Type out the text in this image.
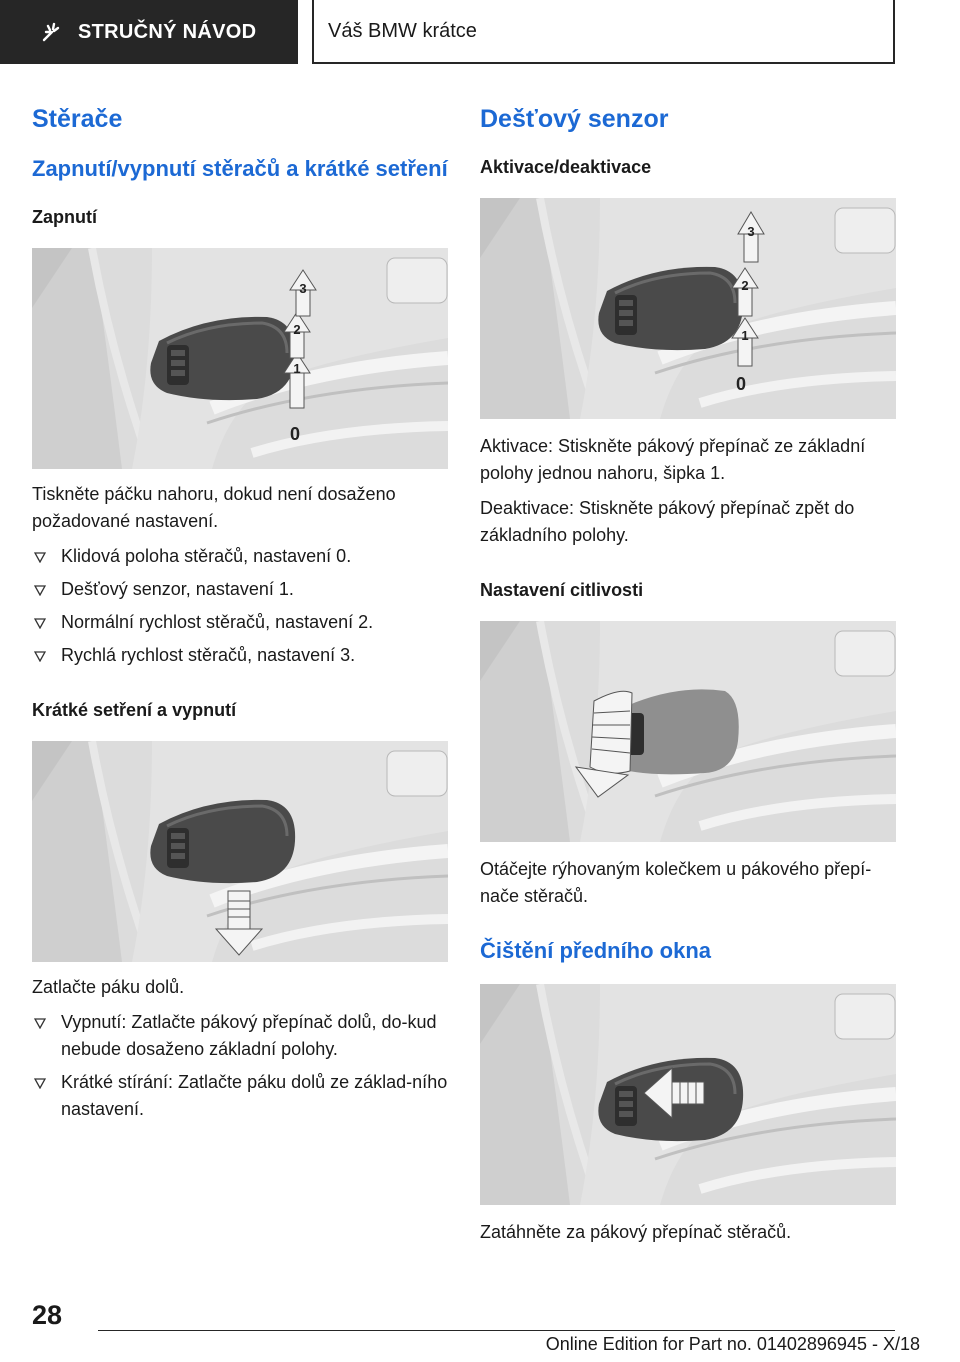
STRUČNÝ NÁVOD	Váš BMW krátce
Stěrače
Zapnutí/vypnutí stěračů a krátké setření
Zapnutí
1
2
3
0
Tiskněte páčku nahoru, dokud není dosaženo požadované nastavení.
Klidová poloha stěračů, nastavení 0.
Dešťový senzor, nastavení 1.
Normální rychlost stěračů, nastavení 2.
Rychlá rychlost stěračů, nastavení 3.
Krátké setření a vypnutí
Zatlačte páku dolů.
Vypnutí: Zatlačte pákový přepínač dolů, do-kud nebude dosaženo základní polohy.
Krátké stírání: Zatlačte páku dolů ze základ-ního nastavení.
Dešťový senzor
Aktivace/deaktivace
1
2
3
0
Aktivace: Stiskněte pákový přepínač ze základní polohy jednou nahoru, šipka 1.
Deaktivace: Stiskněte pákový přepínač zpět do základního polohy.
Nastavení citlivosti
Otáčejte rýhovaným kolečkem u pákového přepí-nače stěračů.
Čištění předního okna
Zatáhněte za pákový přepínač stěračů.
28
Online Edition for Part no. 01402896945 - X/18
